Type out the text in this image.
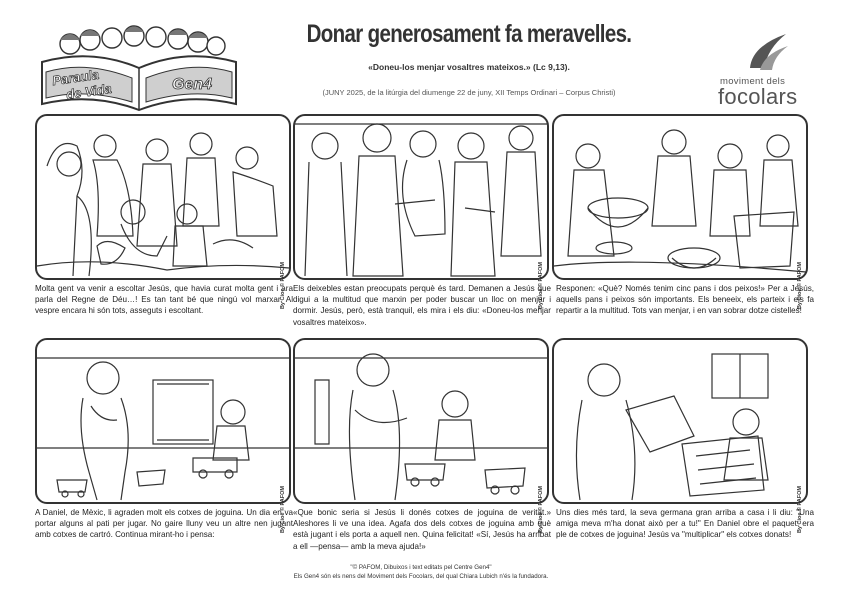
Paraula
de Vida	Gen4
Donar generosament fa meravelles.
«Doneu-los menjar vosaltres mateixos.» (Lc 9,13).
(JUNY 2025, de la litúrgia del diumenge 22 de juny, XII Temps Ordinari – Corpus Christi)
moviment dels
focolars
By Cioe © PAFOM
Molta gent va venir a escoltar Jesús, que havia curat molta gent i ara parla del Regne de Déu…! Es tan tant bé que ningú vol marxar. Al vespre encara hi són tots, asseguts i escoltant.
By Cioe © PAFOM
Els deixebles estan preocupats perquè és tard. Demanen a Jesús que digui a la multitud que marxin per poder buscar un lloc on menjar i dormir. Jesús, però, està tranquil, els mira i els diu: «Doneu-los menjar vosaltres mateixos».
By Cioe © PAFOM
Responen: «Què? Només tenim cinc pans i dos peixos!» Per a Jesús, aquells pans i peixos són importants. Els beneeix, els parteix i els fa repartir a la multitud. Tots van menjar, i en van sobrar dotze cistelles!
By Cioe © PAFOM
A Daniel, de Mèxic, li agraden molt els cotxes de joguina. Un dia en va portar alguns al pati per jugar. No gaire lluny veu un altre nen jugant amb cotxes de cartró. Continua mirant-ho i pensa:
By Cioe © PAFOM
«Que bonic seria si Jesús li donés cotxes de joguina de veritat.» Aleshores li ve una idea. Agafa dos dels cotxes de joguina amb què està jugant i els porta a aquell nen. Quina felicitat! «Sí, Jesús ha arribat a ell —pensa— amb la meva ajuda!»
By Cioe © PAFOM
Uns dies més tard, la seva germana gran arriba a casa i li diu: "Una amiga meva m'ha donat això per a tu!" En Daniel obre el paquet: era ple de cotxes de joguina! Jesús va "multiplicar" els cotxes donats!
"© PAFOM, Dibuixos i text editats pel Centre Gen4"
Els Gen4 són els nens del Moviment dels Focolars, del qual Chiara Lubich n'és la fundadora.
